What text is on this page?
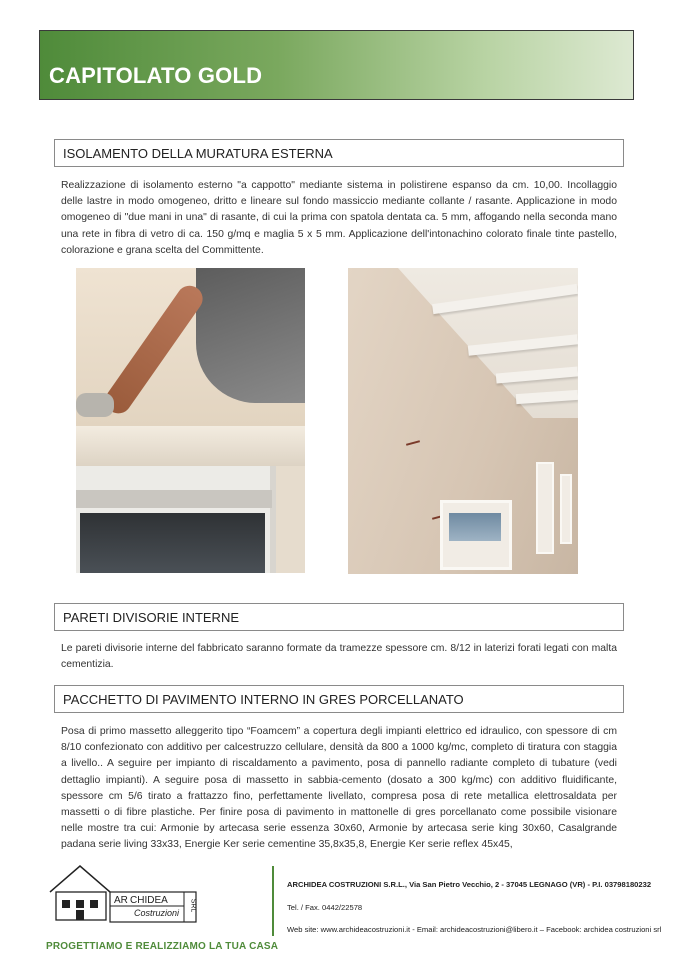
CAPITOLATO GOLD
ISOLAMENTO DELLA MURATURA ESTERNA
Realizzazione di isolamento esterno "a cappotto" mediante sistema in polistirene espanso da cm. 10,00. Incollaggio delle lastre in modo omogeneo, dritto e lineare sul fondo massiccio mediante collante / rasante. Applicazione in modo omogeneo di "due mani in una" di rasante, di cui la prima con spatola dentata ca. 5 mm, affogando nella seconda mano una rete in fibra di vetro di ca. 150 g/mq e maglia 5 x 5 mm. Applicazione dell'intonachino colorato finale tinte pastello, colorazione e grana scelta del Committente.
PARETI DIVISORIE INTERNE
Le pareti divisorie interne del fabbricato saranno formate da tramezze spessore cm. 8/12 in laterizi forati legati con malta cementizia.
PACCHETTO DI PAVIMENTO INTERNO IN GRES PORCELLANATO
Posa di primo massetto alleggerito tipo “Foamcem” a copertura degli impianti elettrico ed idraulico, con spessore di cm 8/10 confezionato con additivo per calcestruzzo cellulare, densità da 800 a 1000 kg/mc, completo di tiratura con staggia a livello.. A seguire per impianto di riscaldamento a pavimento, posa di pannello radiante completo di tubature (vedi dettaglio impianti). A seguire posa di massetto in sabbia-cemento (dosato a 300 kg/mc) con additivo fluidificante, spessore cm 5/6 tirato a frattazzo fino, perfettamente livellato, compresa posa di rete metallica elettrosaldata per massetti o di fibre plastiche. Per finire posa di pavimento in mattonelle di gres porcellanato come possibile visionare nelle mostre tra cui: Armonie by artecasa serie essenza 30x60, Armonie by artecasa serie king 30x60, Casalgrande padana serie living 33x33, Energie Ker serie cementine 35,8x35,8, Energie Ker serie reflex 45x45,
AR CHIDEA
Costruzioni
SRL
PROGETTIAMO E REALIZZIAMO LA TUA CASA
ARCHIDEA COSTRUZIONI S.R.L., Via San Pietro Vecchio, 2 - 37045 LEGNAGO (VR) - P.I. 03798180232
Tel. / Fax. 0442/22578
Web site: www.archideacostruzioni.it - Email: archideacostruzioni@libero.it – Facebook: archidea costruzioni srl
